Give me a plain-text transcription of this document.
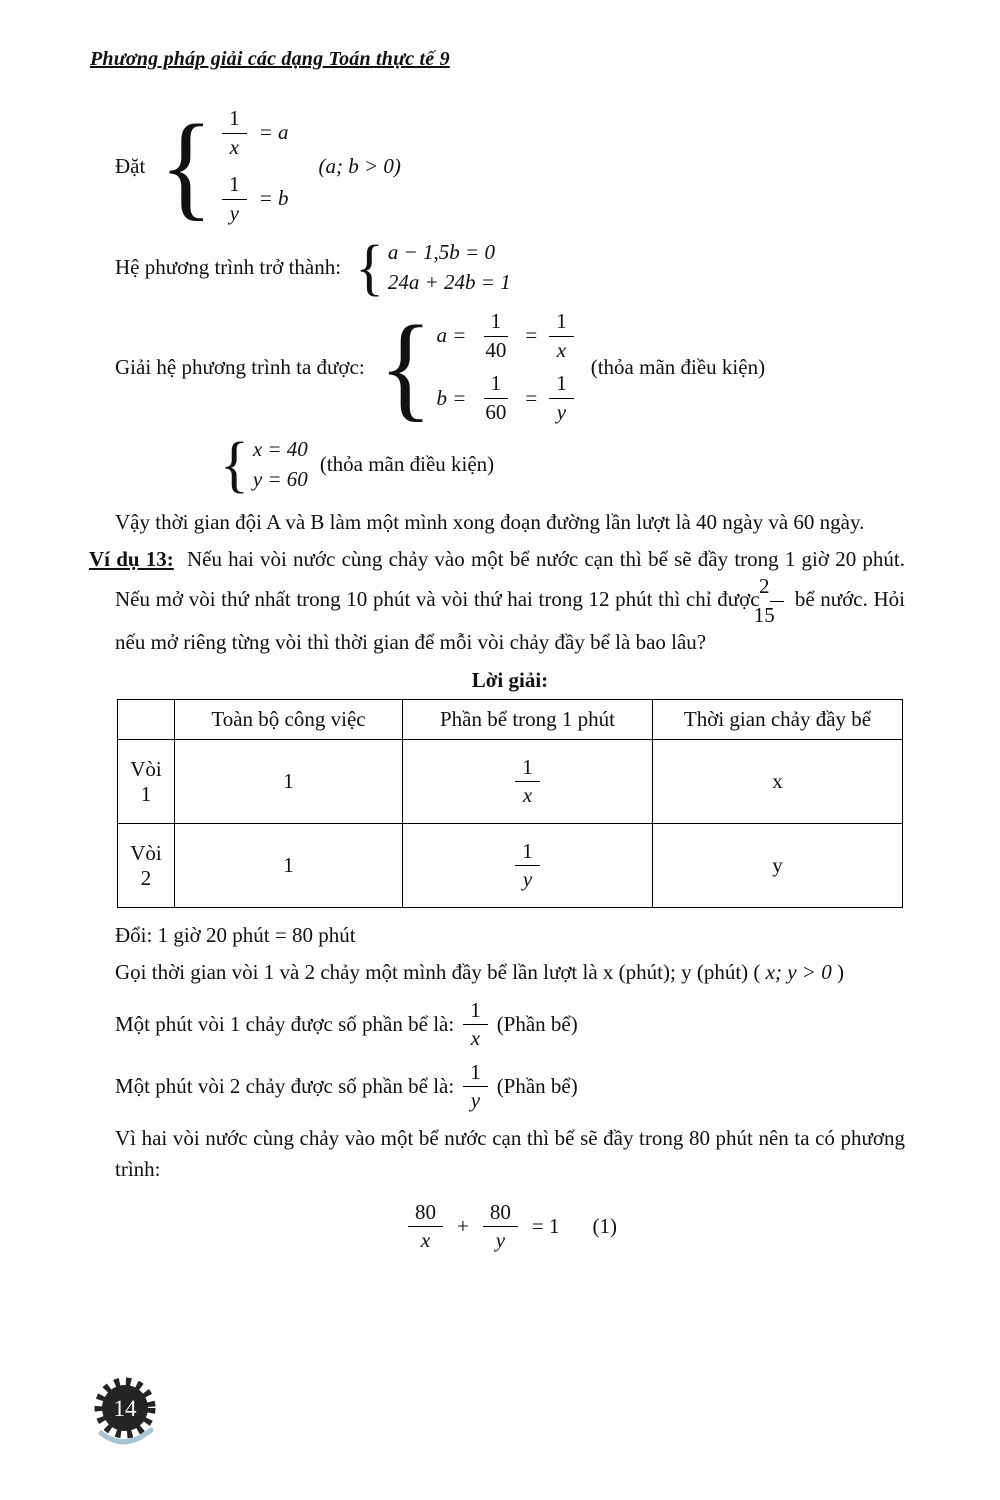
Phương pháp giải các dạng Toán thực tế 9
Đặt { $\frac{1}{x} = a$
$\frac{1}{y} = b$
(a; b > 0)
Hệ phương trình trở thành: { a − 1,5b = 0
24a + 24b = 1
Giải hệ phương trình ta được: { $a = \frac{1}{40} = \frac{1}{x}$
$b = \frac{1}{60} = \frac{1}{y}$
(thỏa mãn điều kiện)
{ x = 40
y = 60
(thỏa mãn điều kiện)

Vậy thời gian đội A và B làm một mình xong đoạn đường lần lượt là 40 ngày và 60 ngày.

Ví dụ 13: Nếu hai vòi nước cùng chảy vào một bể nước cạn thì bể sẽ đầy trong 1 giờ 20 phút. Nếu mở vòi thứ nhất trong 10 phút và vòi thứ hai trong 12 phút thì chỉ được $\frac{2}{15}$ bể nước. Hỏi nếu mở riêng từng vòi thì thời gian để mỗi vòi chảy đầy bể là bao lâu?

Lời giải:

	Toàn bộ công việc	Phần bể trong 1 phút	Thời gian chảy đầy bể
Vòi 1	1	$\frac{1}{x}$	x
Vòi 2	1	$\frac{1}{y}$	y

Đổi: 1 giờ 20 phút = 80 phút

Gọi thời gian vòi 1 và 2 chảy một mình đầy bể lần lượt là x (phút); y (phút) ( x; y > 0 )

Một phút vòi 1 chảy được số phần bể là: $\frac{1}{x}$ (Phần bể)
Một phút vòi 2 chảy được số phần bể là: $\frac{1}{y}$ (Phần bể)

Vì hai vòi nước cùng chảy vào một bể nước cạn thì bể sẽ đầy trong 80 phút nên ta có phương trình:

$\frac{80}{x} + \frac{80}{y} = 1$ (1)
14
